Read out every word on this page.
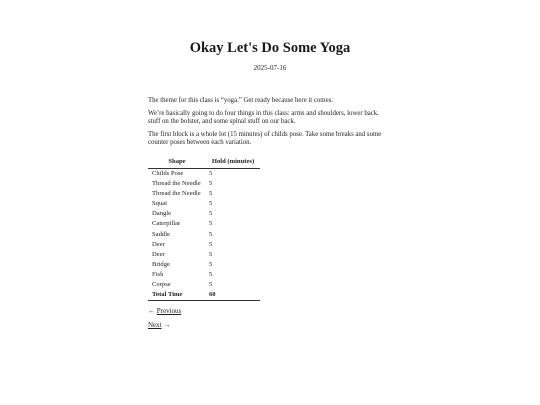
Okay Let's Do Some Yoga
2025-07-16

The theme for this class is “yoga.” Get ready because here it comes.

We’re basically going to do four things in this class: arms and shoulders, lower back, stuff on the bolster, and some spinal stuff on our back.

The first block is a whole lot (15 minutes) of childs pose. Take some breaks and some counter poses between each variation.

Shape	Hold (minutes)
Childs Pose	5
Thread the Needle	5
Thread the Needle	5
Squat	5
Dangle	5
Caterpillar	5
Saddle	5
Deer	5
Deer	5
Bridge	5
Fish	5
Corpse	5
Total Time	60
← Previous
Next →
